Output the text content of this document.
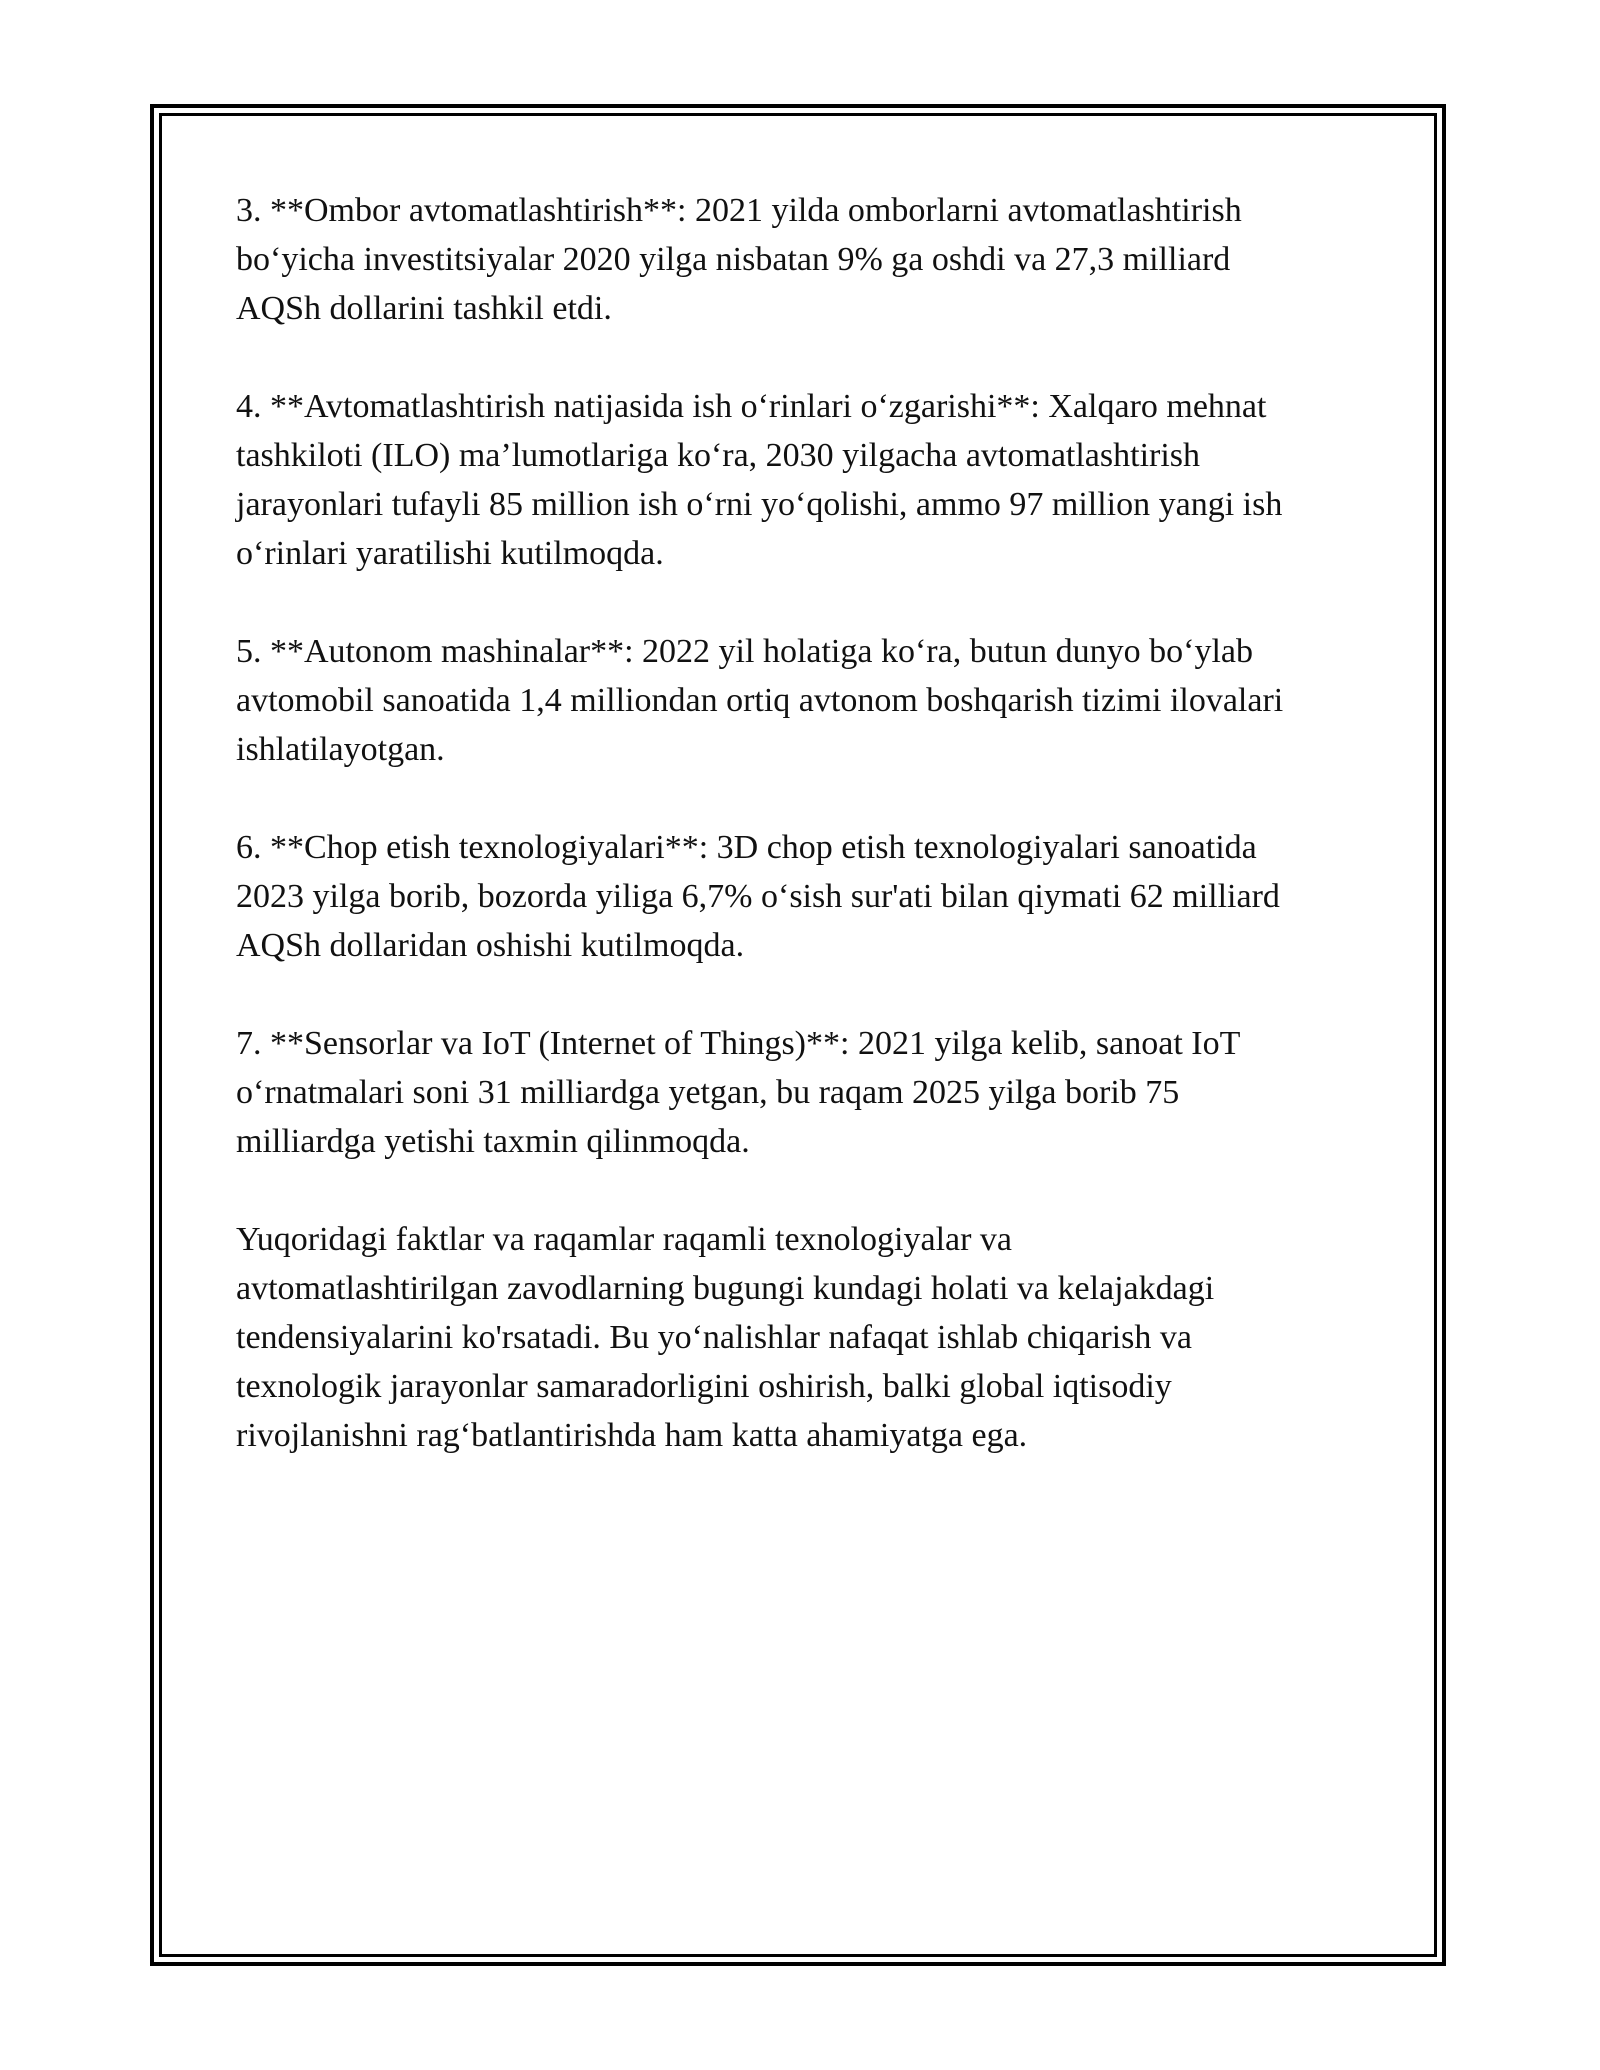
3. **Ombor avtomatlashtirish**: 2021 yilda omborlarni avtomatlashtirish
bo‘yicha investitsiyalar 2020 yilga nisbatan 9% ga oshdi va 27,3 milliard
AQSh dollarini tashkil etdi.

4. **Avtomatlashtirish natijasida ish o‘rinlari o‘zgarishi**: Xalqaro mehnat
tashkiloti (ILO) ma’lumotlariga ko‘ra, 2030 yilgacha avtomatlashtirish
jarayonlari tufayli 85 million ish o‘rni yo‘qolishi, ammo 97 million yangi ish
o‘rinlari yaratilishi kutilmoqda.

5. **Autonom mashinalar**: 2022 yil holatiga ko‘ra, butun dunyo bo‘ylab
avtomobil sanoatida 1,4 milliondan ortiq avtonom boshqarish tizimi ilovalari
ishlatilayotgan.

6. **Chop etish texnologiyalari**: 3D chop etish texnologiyalari sanoatida
2023 yilga borib, bozorda yiliga 6,7% o‘sish sur'ati bilan qiymati 62 milliard
AQSh dollaridan oshishi kutilmoqda.

7. **Sensorlar va IoT (Internet of Things)**: 2021 yilga kelib, sanoat IoT
o‘rnatmalari soni 31 milliardga yetgan, bu raqam 2025 yilga borib 75
milliardga yetishi taxmin qilinmoqda.

Yuqoridagi faktlar va raqamlar raqamli texnologiyalar va
avtomatlashtirilgan zavodlarning bugungi kundagi holati va kelajakdagi
tendensiyalarini ko'rsatadi. Bu yo‘nalishlar nafaqat ishlab chiqarish va
texnologik jarayonlar samaradorligini oshirish, balki global iqtisodiy
rivojlanishni rag‘batlantirishda ham katta ahamiyatga ega.
